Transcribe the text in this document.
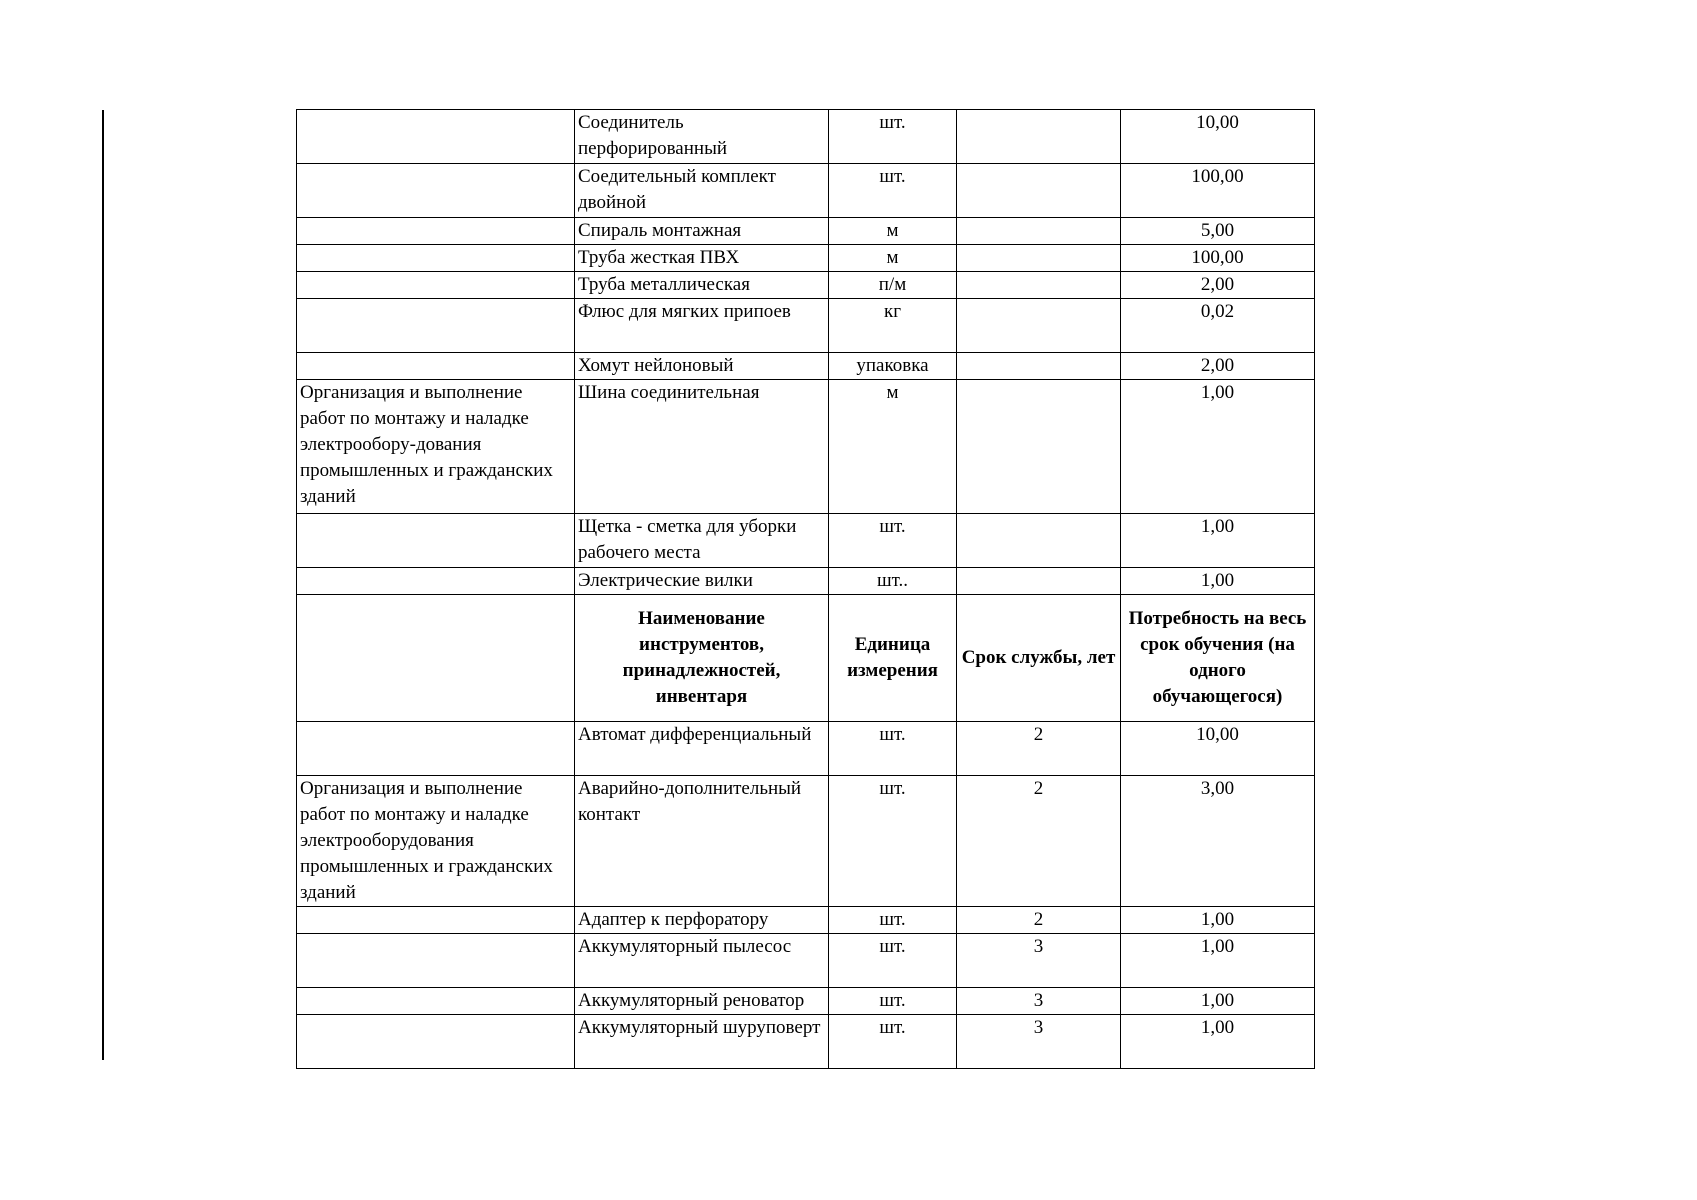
	Соединитель перфорированный	шт.		10,00
	Соедительный комплект двойной	шт.		100,00
	Спираль монтажная	м		5,00
	Труба жесткая ПВХ	м		100,00
	Труба металлическая	п/м		2,00
	Флюс для мягких припоев	кг		0,02
	Хомут нейлоновый	упаковка		2,00
Организация и выполнение работ по монтажу и наладке электрообору-дования промышленных и гражданских зданий	Шина соединительная	м		1,00
	Щетка - сметка для уборки рабочего места	шт.		1,00
	Электрические вилки	шт..		1,00
	Наименование инструментов, принадлежностей, инвентаря	Единица измерения	Срок службы, лет	Потребность на весь срок обучения (на одного обучающегося)
	Автомат дифференциальный	шт.	2	10,00
Организация и выполнение работ по монтажу и наладке электрооборудования промышленных и гражданских зданий	Аварийно-дополнительный контакт	шт.	2	3,00
	Адаптер к перфоратору	шт.	2	1,00
	Аккумуляторный пылесос	шт.	3	1,00
	Аккумуляторный реноватор	шт.	3	1,00
	Аккумуляторный шуруповерт	шт.	3	1,00
